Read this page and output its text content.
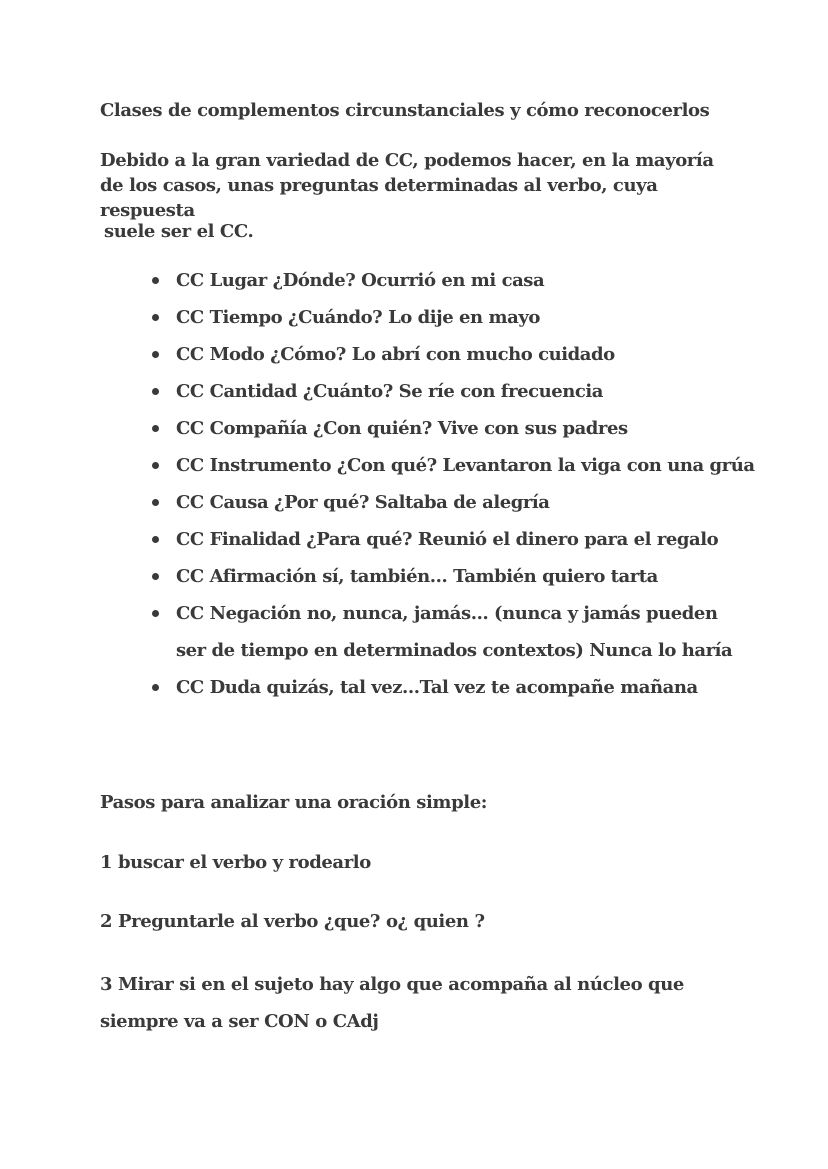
Clases de complementos circunstanciales y cómo reconocerlos
Debido a la gran variedad de CC, podemos hacer, en la mayoría de los casos, unas preguntas determinadas al verbo, cuya respuesta
suele ser el CC.
CC Lugar ¿Dónde? Ocurrió en mi casa
CC Tiempo ¿Cuándo? Lo dije en mayo
CC Modo ¿Cómo? Lo abrí con mucho cuidado
CC Cantidad ¿Cuánto? Se ríe con frecuencia
CC Compañía ¿Con quién? Vive con sus padres
CC Instrumento ¿Con qué? Levantaron la viga con una grúa
CC Causa ¿Por qué? Saltaba de alegría
CC Finalidad ¿Para qué? Reunió el dinero para el regalo
CC Afirmación sí, también… También quiero tarta
CC Negación no, nunca, jamás… (nunca y jamás pueden ser de tiempo en determinados contextos) Nunca lo haría
CC Duda quizás, tal vez…Tal vez te acompañe mañana
Pasos para analizar una oración simple:
1 buscar el verbo y rodearlo
2 Preguntarle al verbo ¿que? o¿ quien ?
3 Mirar si en el sujeto hay algo que acompaña al núcleo que siempre va a ser CON o CAdj
